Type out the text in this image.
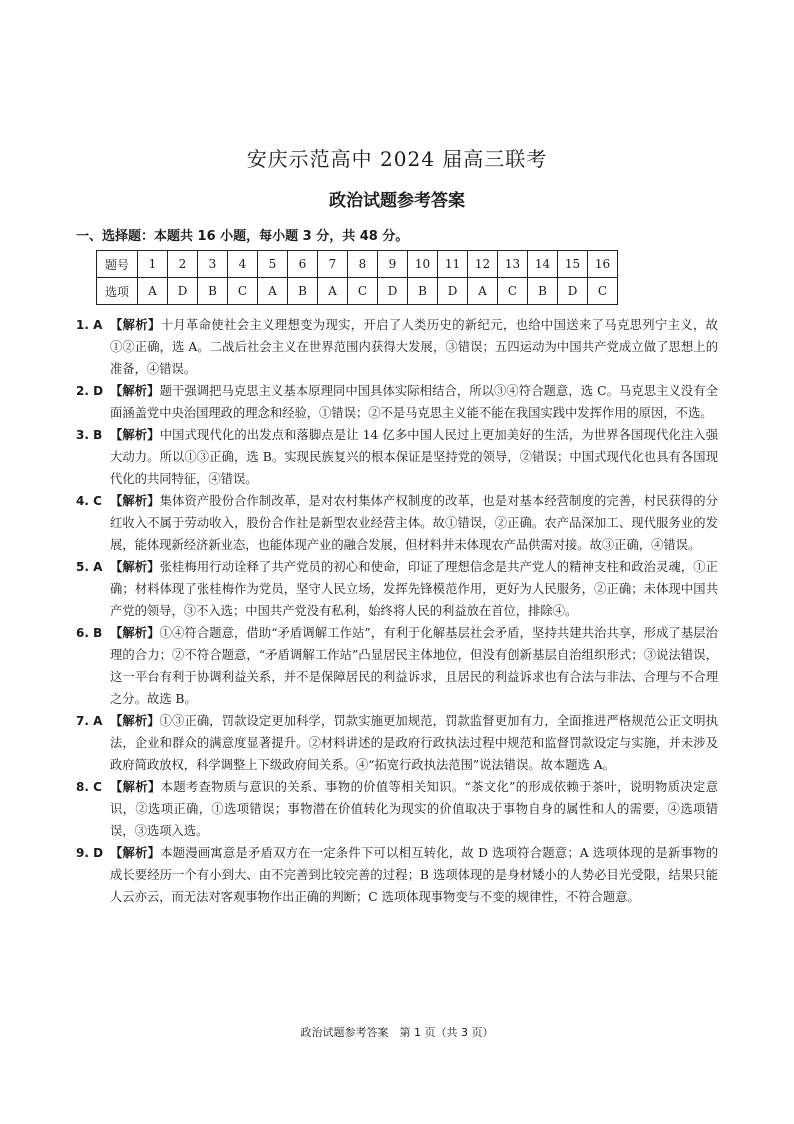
安庆示范高中 2024 届高三联考
政治试题参考答案
一、选择题：本题共 16 小题，每小题 3 分，共 48 分。
题号	1	2	3	4	5	6	7	8	9	10	11	12	13	14	15	16
选项	A	D	B	C	A	B	A	C	D	B	D	A	C	B	D	C
1. A 【解析】十月革命使社会主义理想变为现实，开启了人类历史的新纪元，也给中国送来了马克思列宁主义，故①②正确，选 A。二战后社会主义在世界范围内获得大发展，③错误；五四运动为中国共产党成立做了思想上的准备，④错误。
2. D 【解析】题干强调把马克思主义基本原理同中国具体实际相结合，所以③④符合题意，选 C。马克思主义没有全面涵盖党中央治国理政的理念和经验，①错误；②不是马克思主义能不能在我国实践中发挥作用的原因，不选。
3. B 【解析】中国式现代化的出发点和落脚点是让 14 亿多中国人民过上更加美好的生活，为世界各国现代化注入强大动力。所以①③正确，选 B。实现民族复兴的根本保证是坚持党的领导，②错误；中国式现代化也具有各国现代化的共同特征，④错误。
4. C 【解析】集体资产股份合作制改革，是对农村集体产权制度的改革，也是对基本经营制度的完善，村民获得的分红收入不属于劳动收入，股份合作社是新型农业经营主体。故①错误，②正确。农产品深加工、现代服务业的发展，能体现新经济新业态，也能体现产业的融合发展，但材料并未体现农产品供需对接。故③正确，④错误。
5. A 【解析】张桂梅用行动诠释了共产党员的初心和使命，印证了理想信念是共产党人的精神支柱和政治灵魂，①正确；材料体现了张桂梅作为党员，坚守人民立场，发挥先锋模范作用，更好为人民服务，②正确；未体现中国共产党的领导，③不入选；中国共产党没有私利，始终将人民的利益放在首位，排除④。
6. B 【解析】①④符合题意，借助“矛盾调解工作站”，有利于化解基层社会矛盾，坚持共建共治共享，形成了基层治理的合力；②不符合题意，“矛盾调解工作站”凸显居民主体地位，但没有创新基层自治组织形式；③说法错误，这一平台有利于协调利益关系，并不是保障居民的利益诉求，且居民的利益诉求也有合法与非法、合理与不合理之分。故选 B。
7. A 【解析】①③正确，罚款设定更加科学，罚款实施更加规范，罚款监督更加有力，全面推进严格规范公正文明执法，企业和群众的满意度显著提升。②材料讲述的是政府行政执法过程中规范和监督罚款设定与实施，并未涉及政府简政放权，科学调整上下级政府间关系。④“拓宽行政执法范围”说法错误。故本题选 A。
8. C 【解析】本题考查物质与意识的关系、事物的价值等相关知识。“茶文化”的形成依赖于茶叶，说明物质决定意识，②选项正确，①选项错误；事物潜在价值转化为现实的价值取决于事物自身的属性和人的需要，④选项错误，③选项入选。
9. D 【解析】本题漫画寓意是矛盾双方在一定条件下可以相互转化，故 D 选项符合题意；A 选项体现的是新事物的成长要经历一个有小到大、由不完善到比较完善的过程；B 选项体现的是身材矮小的人势必目光受限，结果只能人云亦云，而无法对客观事物作出正确的判断；C 选项体现事物变与不变的规律性，不符合题意。
政治试题参考答案　第 1 页（共 3 页）
